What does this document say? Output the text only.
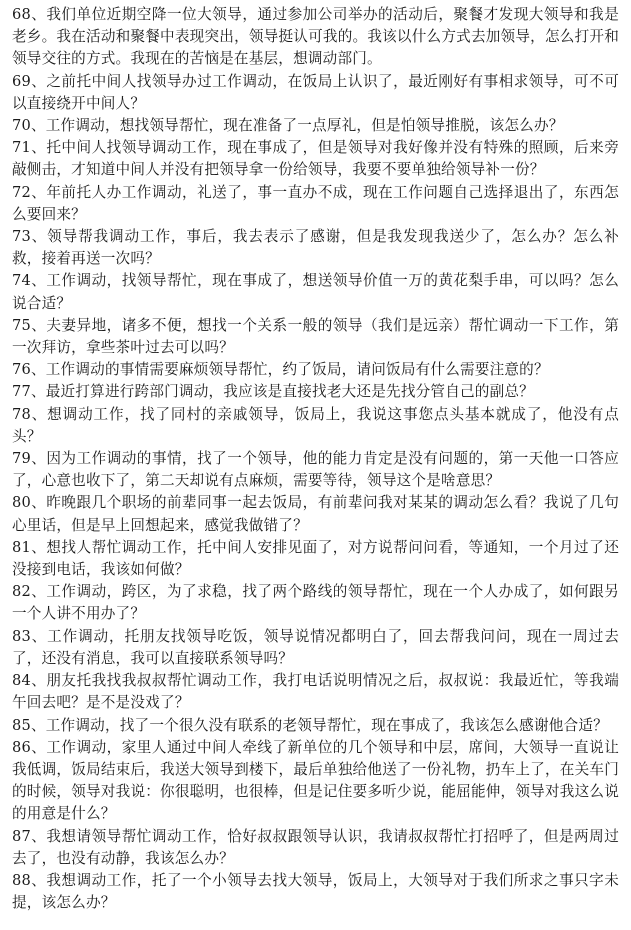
68、我们单位近期空降一位大领导，通过参加公司举办的活动后，聚餐才发现大领导和我是老乡。我在活动和聚餐中表现突出，领导挺认可我的。我该以什么方式去加领导，怎么打开和领导交往的方式。我现在的苦恼是在基层，想调动部门。

69、之前托中间人找领导办过工作调动，在饭局上认识了，最近刚好有事相求领导，可不可以直接绕开中间人？

70、工作调动，想找领导帮忙，现在准备了一点厚礼，但是怕领导推脱，该怎么办？

71、托中间人找领导调动工作，现在事成了，但是领导对我好像并没有特殊的照顾，后来旁敲侧击，才知道中间人并没有把领导拿一份给领导，我要不要单独给领导补一份？

72、年前托人办工作调动，礼送了，事一直办不成，现在工作问题自己选择退出了，东西怎么要回来？

73、领导帮我调动工作，事后，我去表示了感谢，但是我发现我送少了，怎么办？怎么补救，接着再送一次吗？

74、工作调动，找领导帮忙，现在事成了，想送领导价值一万的黄花梨手串，可以吗？怎么说合适？

75、夫妻异地，诸多不便，想找一个关系一般的领导（我们是远亲）帮忙调动一下工作，第一次拜访，拿些茶叶过去可以吗？

76、工作调动的事情需要麻烦领导帮忙，约了饭局，请问饭局有什么需要注意的？

77、最近打算进行跨部门调动，我应该是直接找老大还是先找分管自己的副总？

78、想调动工作，找了同村的亲戚领导，饭局上，我说这事您点头基本就成了，他没有点头？

79、因为工作调动的事情，找了一个领导，他的能力肯定是没有问题的，第一天他一口答应了，心意也收下了，第二天却说有点麻烦，需要等待，领导这个是啥意思？

80、昨晚跟几个职场的前辈同事一起去饭局，有前辈问我对某某的调动怎么看？我说了几句心里话，但是早上回想起来，感觉我做错了？

81、想找人帮忙调动工作，托中间人安排见面了，对方说帮问问看，等通知，一个月过了还没接到电话，我该如何做？

82、工作调动，跨区，为了求稳，找了两个路线的领导帮忙，现在一个人办成了，如何跟另一个人讲不用办了？

83、工作调动，托朋友找领导吃饭，领导说情况都明白了，回去帮我问问，现在一周过去了，还没有消息，我可以直接联系领导吗？

84、朋友托我找我叔叔帮忙调动工作，我打电话说明情况之后，叔叔说：我最近忙，等我端午回去吧？是不是没戏了？

85、工作调动，找了一个很久没有联系的老领导帮忙，现在事成了，我该怎么感谢他合适？

86、工作调动，家里人通过中间人牵线了新单位的几个领导和中层，席间，大领导一直说让我低调，饭局结束后，我送大领导到楼下，最后单独给他送了一份礼物，扔车上了，在关车门的时候，领导对我说：你很聪明，也很棒，但是记住要多听少说，能屈能伸，领导对我这么说的用意是什么？

87、我想请领导帮忙调动工作，恰好叔叔跟领导认识，我请叔叔帮忙打招呼了，但是两周过去了，也没有动静，我该怎么办？

88、我想调动工作，托了一个小领导去找大领导，饭局上，大领导对于我们所求之事只字未提，该怎么办？
